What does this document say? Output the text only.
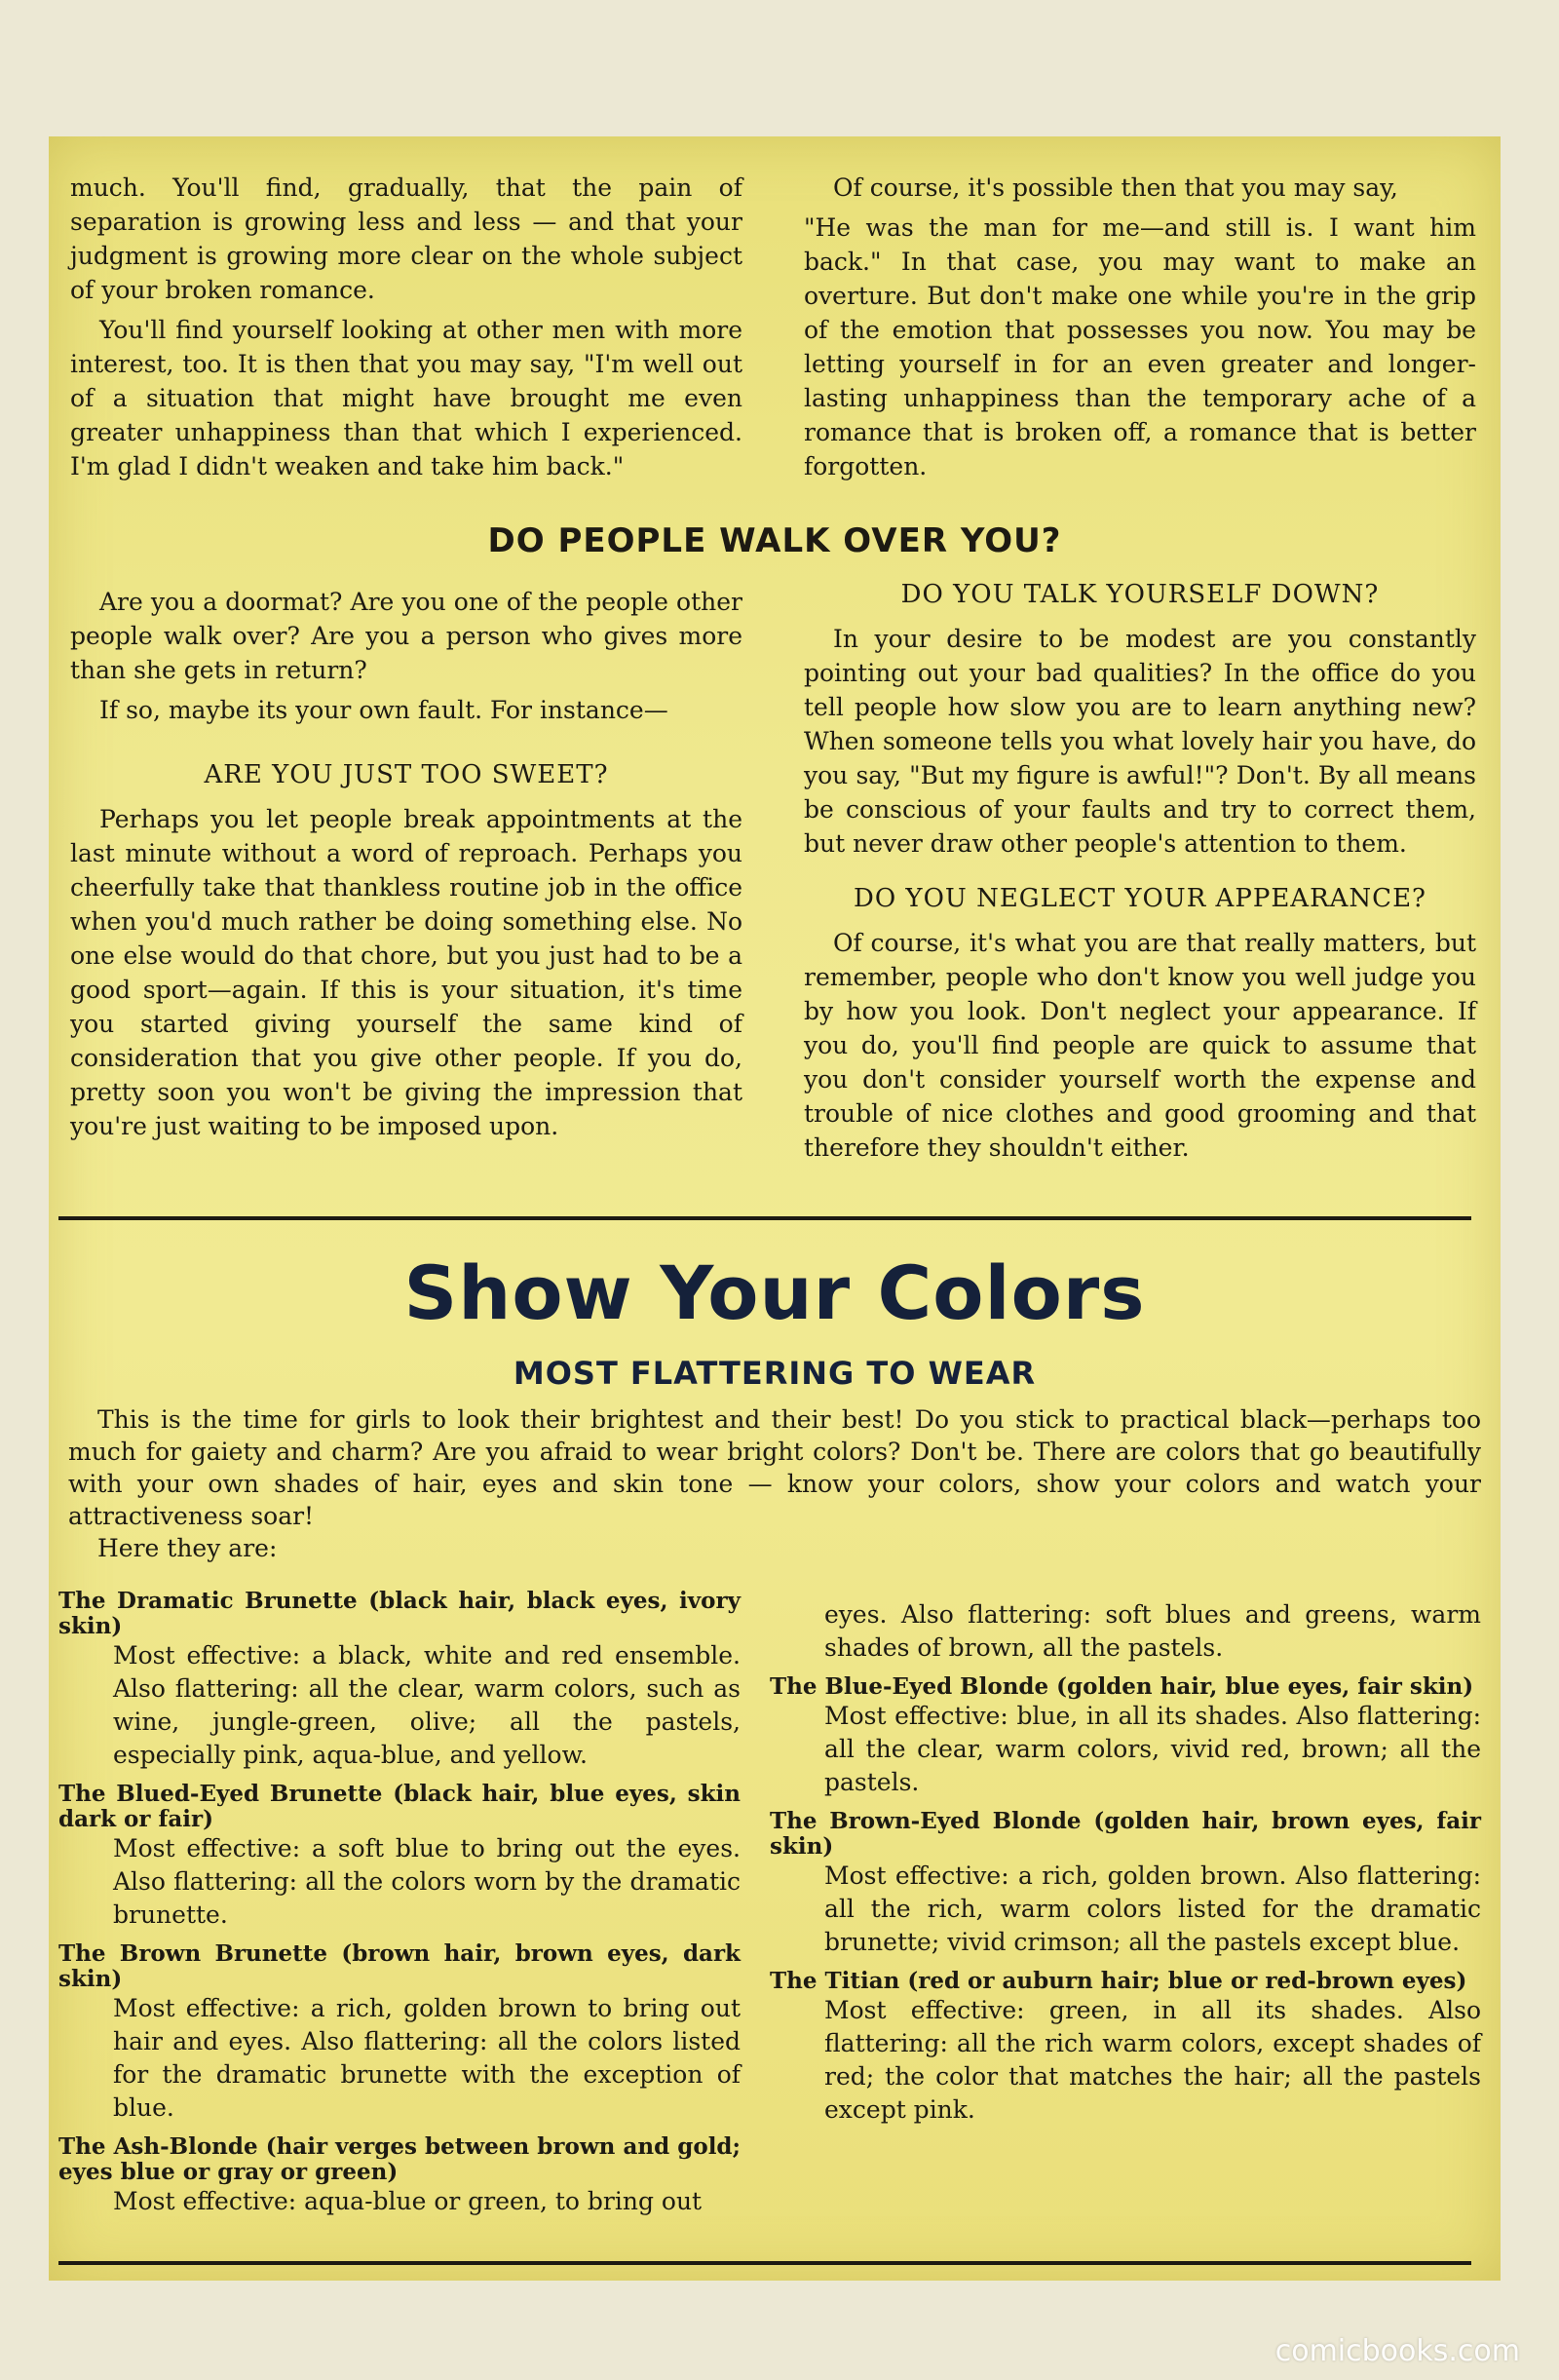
much. You'll find, gradually, that the pain of separation is growing less and less — and that your judgment is growing more clear on the whole subject of your broken romance.

You'll find yourself looking at other men with more interest, too. It is then that you may say, "I'm well out of a situation that might have brought me even greater unhappiness than that which I experienced. I'm glad I didn't weaken and take him back."

Of course, it's possible then that you may say,

"He was the man for me—and still is. I want him back." In that case, you may want to make an overture. But don't make one while you're in the grip of the emotion that possesses you now. You may be letting yourself in for an even greater and longer-lasting unhappiness than the temporary ache of a romance that is broken off, a romance that is better forgotten.

DO PEOPLE WALK OVER YOU?

Are you a doormat? Are you one of the people other people walk over? Are you a person who gives more than she gets in return?

If so, maybe its your own fault. For instance—

ARE YOU JUST TOO SWEET?

Perhaps you let people break appointments at the last minute without a word of reproach. Perhaps you cheerfully take that thankless routine job in the office when you'd much rather be doing something else. No one else would do that chore, but you just had to be a good sport—again. If this is your situation, it's time you started giving yourself the same kind of consideration that you give other people. If you do, pretty soon you won't be giving the impression that you're just waiting to be imposed upon.

DO YOU TALK YOURSELF DOWN?

In your desire to be modest are you constantly pointing out your bad qualities? In the office do you tell people how slow you are to learn anything new? When someone tells you what lovely hair you have, do you say, "But my figure is awful!"? Don't. By all means be conscious of your faults and try to correct them, but never draw other people's attention to them.

DO YOU NEGLECT YOUR APPEARANCE?

Of course, it's what you are that really matters, but remember, people who don't know you well judge you by how you look. Don't neglect your appearance. If you do, you'll find people are quick to assume that you don't consider yourself worth the expense and trouble of nice clothes and good grooming and that therefore they shouldn't either.

Show Your Colors
MOST FLATTERING TO WEAR

This is the time for girls to look their brightest and their best! Do you stick to practical black—perhaps too much for gaiety and charm? Are you afraid to wear bright colors? Don't be. There are colors that go beautifully with your own shades of hair, eyes and skin tone — know your colors, show your colors and watch your attractiveness soar!

Here they are:

The Dramatic Brunette (black hair, black eyes, ivory skin)
Most effective: a black, white and red ensemble. Also flattering: all the clear, warm colors, such as wine, jungle-green, olive; all the pastels, especially pink, aqua-blue, and yellow.
The Blued-Eyed Brunette (black hair, blue eyes, skin dark or fair)
Most effective: a soft blue to bring out the eyes. Also flattering: all the colors worn by the dramatic brunette.
The Brown Brunette (brown hair, brown eyes, dark skin)
Most effective: a rich, golden brown to bring out hair and eyes. Also flattering: all the colors listed for the dramatic brunette with the exception of blue.
The Ash-Blonde (hair verges between brown and gold; eyes blue or gray or green)
Most effective: aqua-blue or green, to bring out
eyes. Also flattering: soft blues and greens, warm shades of brown, all the pastels.
The Blue-Eyed Blonde (golden hair, blue eyes, fair skin)
Most effective: blue, in all its shades. Also flattering: all the clear, warm colors, vivid red, brown; all the pastels.
The Brown-Eyed Blonde (golden hair, brown eyes, fair skin)
Most effective: a rich, golden brown. Also flattering: all the rich, warm colors listed for the dramatic brunette; vivid crimson; all the pastels except blue.
The Titian (red or auburn hair; blue or red-brown eyes)
Most effective: green, in all its shades. Also flattering: all the rich warm colors, except shades of red; the color that matches the hair; all the pastels except pink.
comicbooks.com
